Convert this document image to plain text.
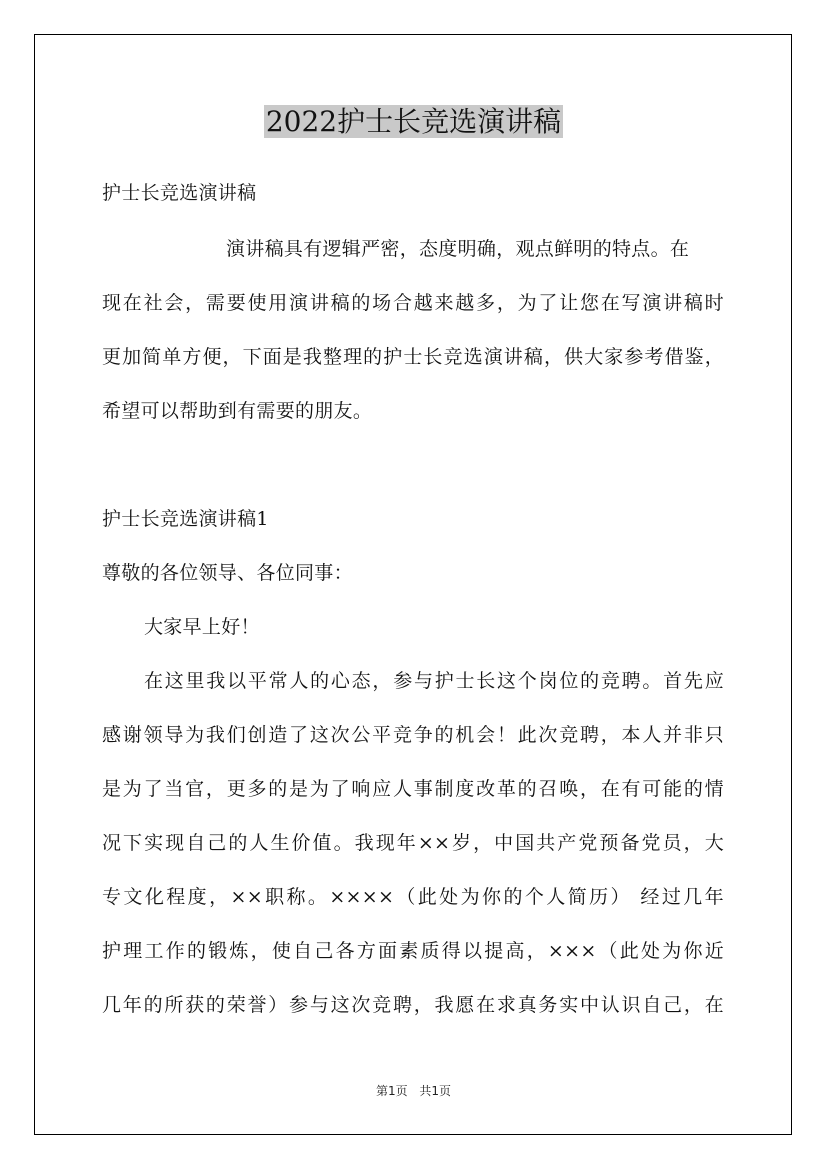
2022护士长竞选演讲稿
护士长竞选演讲稿
演讲稿具有逻辑严密，态度明确，观点鲜明的特点。在
现在社会，需要使用演讲稿的场合越来越多，为了让您在写演讲稿时
更加简单方便，下面是我整理的护士长竞选演讲稿，供大家参考借鉴，
希望可以帮助到有需要的朋友。
护士长竞选演讲稿1
尊敬的各位领导、各位同事：
大家早上好！
在这里我以平常人的心态，参与护士长这个岗位的竞聘。首先应
感谢领导为我们创造了这次公平竞争的机会！此次竞聘，本人并非只
是为了当官，更多的是为了响应人事制度改革的召唤，在有可能的情
况下实现自己的人生价值。我现年××岁，中国共产党预备党员，大
专文化程度，××职称。××××（此处为你的个人简历） 经过几年
护理工作的锻炼，使自己各方面素质得以提高，×××（此处为你近
几年的所获的荣誉）参与这次竞聘，我愿在求真务实中认识自己，在
第1页 共1页
